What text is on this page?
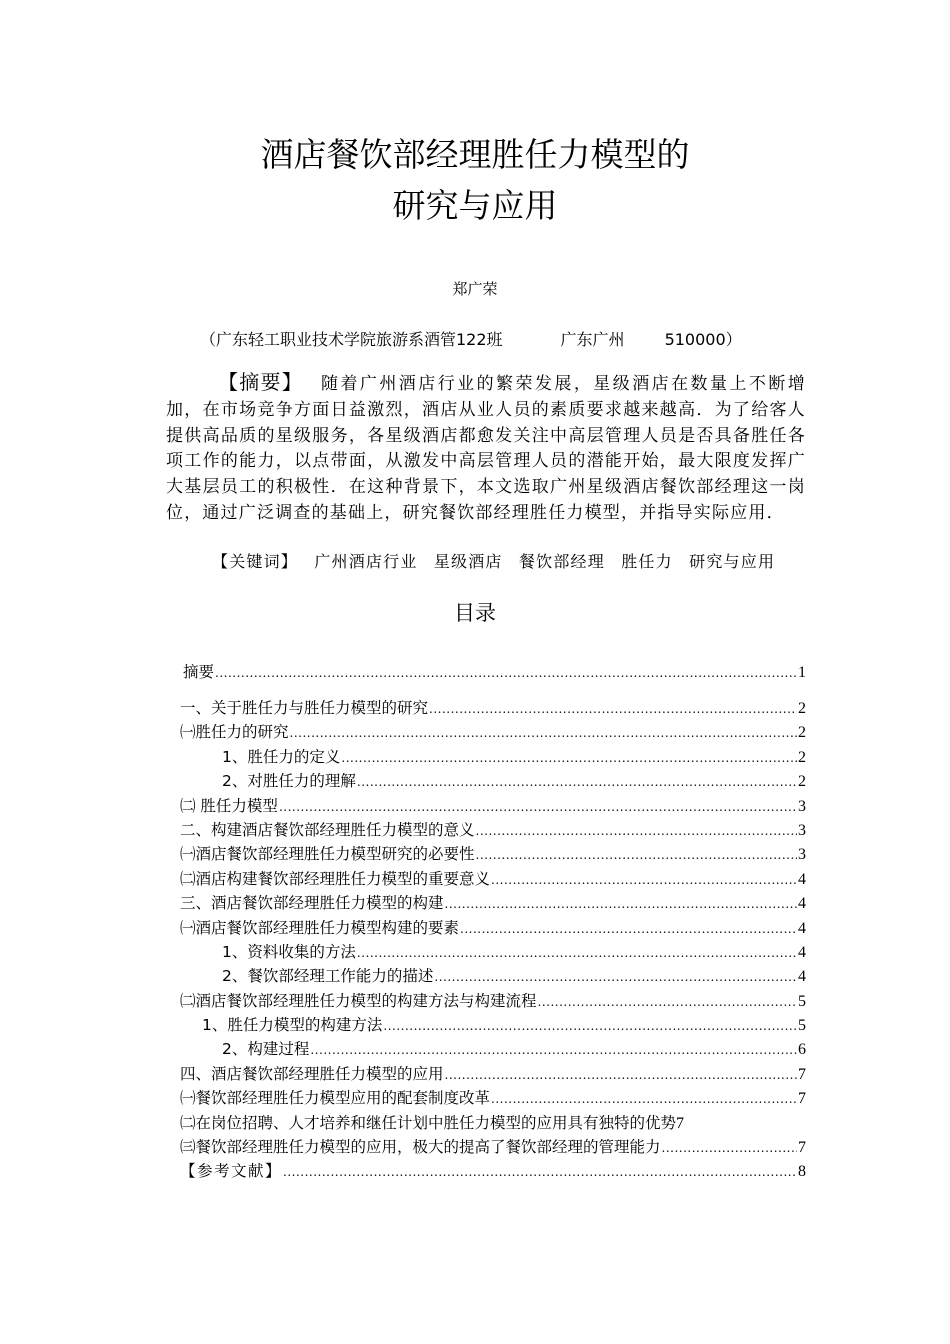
酒店餐饮部经理胜任力模型的
研究与应用
郑广荣
（广东轻工职业技术学院旅游系酒管122班	广东广州	510000）
【摘要】 随着广州酒店行业的繁荣发展，星级酒店在数量上不断增加，在市场竞争方面日益激烈，酒店从业人员的素质要求越来越高．为了给客人提供高品质的星级服务，各星级酒店都愈发关注中高层管理人员是否具备胜任各项工作的能力，以点带面，从激发中高层管理人员的潜能开始，最大限度发挥广大基层员工的积极性．在这种背景下，本文选取广州星级酒店餐饮部经理这一岗位，通过广泛调查的基础上，研究餐饮部经理胜任力模型，并指导实际应用．
【关键词】 广州酒店行业 星级酒店 餐饮部经理 胜任力 研究与应用
目录
摘要 .....	1
一、关于胜任力与胜任力模型的研究 .....	2
㈠胜任力的研究 .....	2
1、胜任力的定义 .....	2
2、对胜任力的理解 .....	2
㈡ 胜任力模型 .....	3
二、构建酒店餐饮部经理胜任力模型的意义 .....	3
㈠酒店餐饮部经理胜任力模型研究的必要性 .....	3
㈡酒店构建餐饮部经理胜任力模型的重要意义 .....	4
三、酒店餐饮部经理胜任力模型的构建 .....	4
㈠酒店餐饮部经理胜任力模型构建的要素 .....	4
1、资料收集的方法 .....	4
2、餐饮部经理工作能力的描述 .....	4
㈡酒店餐饮部经理胜任力模型的构建方法与构建流程 .....	5
1、胜任力模型的构建方法 .....	5
2、构建过程 .....	6
四、酒店餐饮部经理胜任力模型的应用 .....	7
㈠餐饮部经理胜任力模型应用的配套制度改革 .....	7
㈡在岗位招聘、人才培养和继任计划中胜任力模型的应用具有独特的优势 7
㈢餐饮部经理胜任力模型的应用，极大的提高了餐饮部经理的管理能力 .....	7
【参考文献】 .....	8
